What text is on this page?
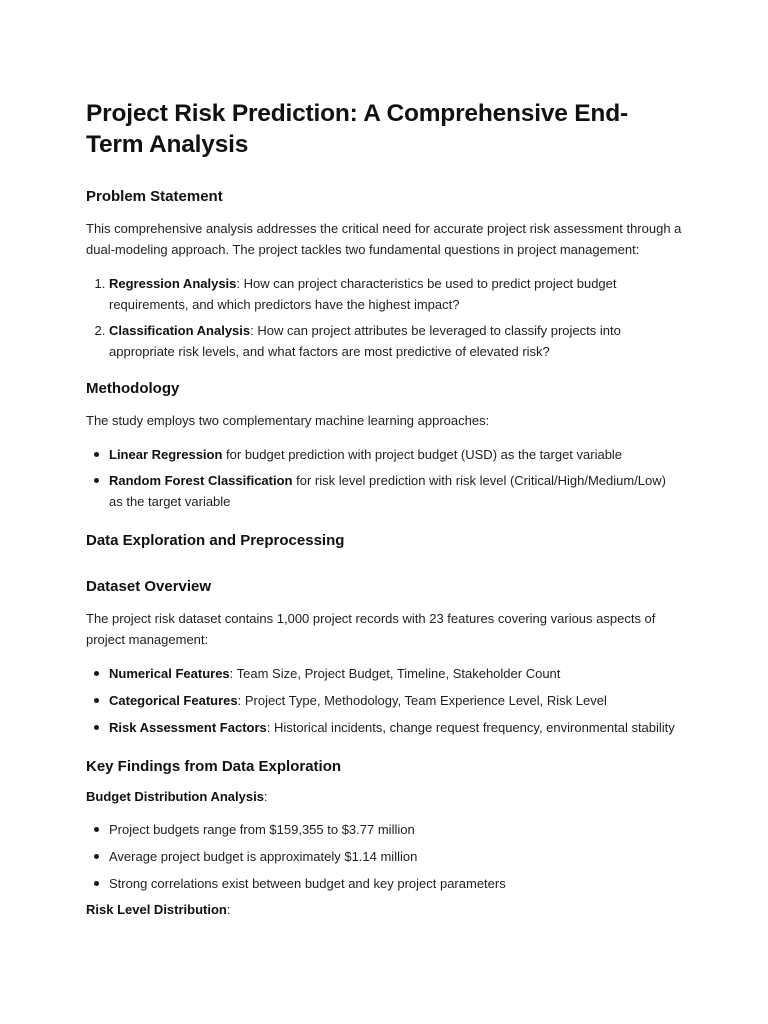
Project Risk Prediction: A Comprehensive End-Term Analysis
Problem Statement

This comprehensive analysis addresses the critical need for accurate project risk assessment through a dual-modeling approach. The project tackles two fundamental questions in project management:

1. Regression Analysis: How can project characteristics be used to predict project budget requirements, and which predictors have the highest impact?
2. Classification Analysis: How can project attributes be leveraged to classify projects into appropriate risk levels, and what factors are most predictive of elevated risk?
Methodology

The study employs two complementary machine learning approaches:

Linear Regression for budget prediction with project budget (USD) as the target variable
Random Forest Classification for risk level prediction with risk level (Critical/High/Medium/Low) as the target variable
Data Exploration and Preprocessing
Dataset Overview

The project risk dataset contains 1,000 project records with 23 features covering various aspects of project management:

Numerical Features: Team Size, Project Budget, Timeline, Stakeholder Count
Categorical Features: Project Type, Methodology, Team Experience Level, Risk Level
Risk Assessment Factors: Historical incidents, change request frequency, environmental stability
Key Findings from Data Exploration

Budget Distribution Analysis:

Project budgets range from $159,355 to $3.77 million
Average project budget is approximately $1.14 million
Strong correlations exist between budget and key project parameters

Risk Level Distribution:
